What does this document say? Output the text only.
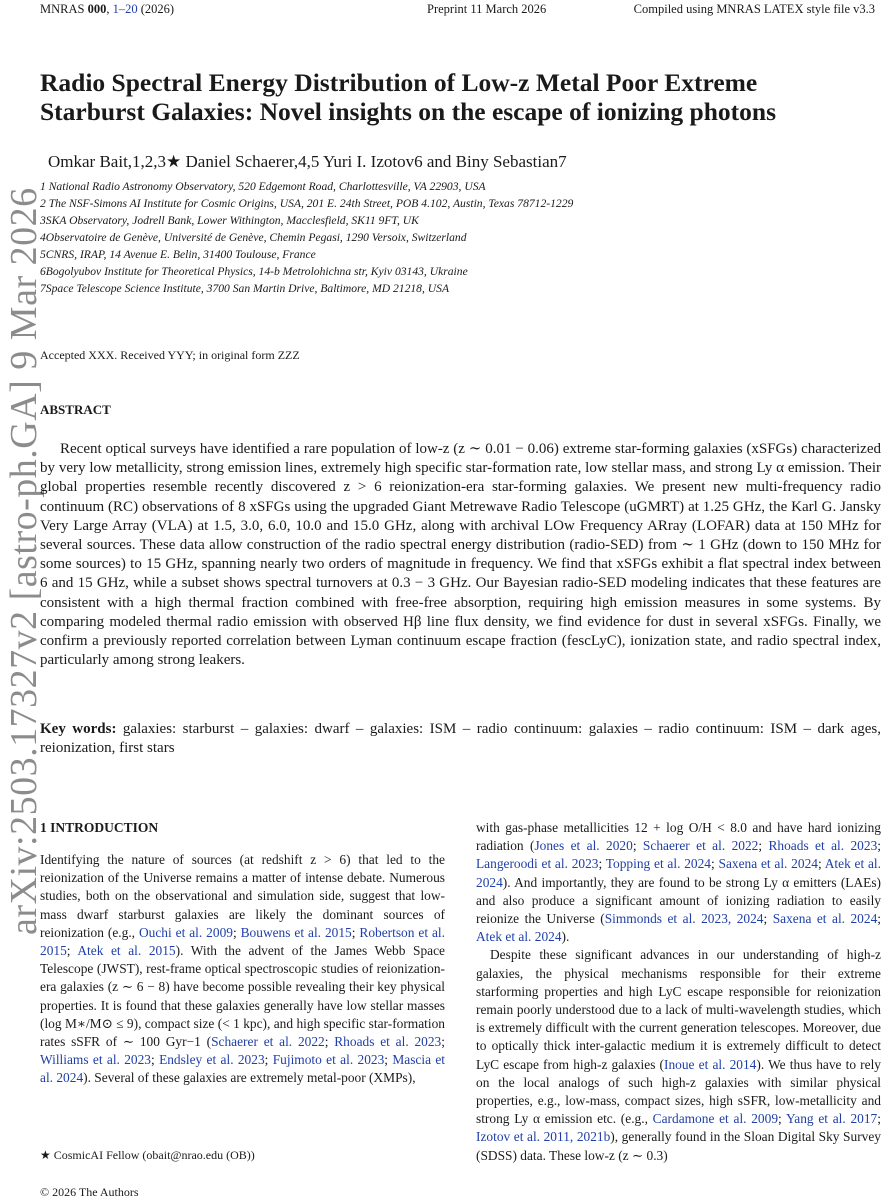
MNRAS 000, 1–20 (2026)	Preprint 11 March 2026	Compiled using MNRAS LATEX style file v3.3
arXiv:2503.17327v2 [astro-ph.GA] 9 Mar 2026
Radio Spectral Energy Distribution of Low-z Metal Poor Extreme
Starburst Galaxies: Novel insights on the escape of ionizing photons
Omkar Bait,1,2,3★ Daniel Schaerer,4,5 Yuri I. Izotov6 and Biny Sebastian7
1 National Radio Astronomy Observatory, 520 Edgemont Road, Charlottesville, VA 22903, USA
2 The NSF-Simons AI Institute for Cosmic Origins, USA, 201 E. 24th Street, POB 4.102, Austin, Texas 78712-1229
3SKA Observatory, Jodrell Bank, Lower Withington, Macclesfield, SK11 9FT, UK
4Observatoire de Genève, Université de Genève, Chemin Pegasi, 1290 Versoix, Switzerland
5CNRS, IRAP, 14 Avenue E. Belin, 31400 Toulouse, France
6Bogolyubov Institute for Theoretical Physics, 14-b Metrolohichna str, Kyiv 03143, Ukraine
7Space Telescope Science Institute, 3700 San Martin Drive, Baltimore, MD 21218, USA
Accepted XXX. Received YYY; in original form ZZZ
ABSTRACT
Recent optical surveys have identified a rare population of low-z (z ∼ 0.01 − 0.06) extreme star-forming galaxies (xSFGs) characterized by very low metallicity, strong emission lines, extremely high specific star-formation rate, low stellar mass, and strong Ly α emission. Their global properties resemble recently discovered z > 6 reionization-era star-forming galaxies. We present new multi-frequency radio continuum (RC) observations of 8 xSFGs using the upgraded Giant Metrewave Radio Telescope (uGMRT) at 1.25 GHz, the Karl G. Jansky Very Large Array (VLA) at 1.5, 3.0, 6.0, 10.0 and 15.0 GHz, along with archival LOw Frequency ARray (LOFAR) data at 150 MHz for several sources. These data allow construction of the radio spectral energy distribution (radio-SED) from ∼ 1 GHz (down to 150 MHz for some sources) to 15 GHz, spanning nearly two orders of magnitude in frequency. We find that xSFGs exhibit a flat spectral index between 6 and 15 GHz, while a subset shows spectral turnovers at 0.3 − 3 GHz. Our Bayesian radio-SED modeling indicates that these features are consistent with a high thermal fraction combined with free-free absorption, requiring high emission measures in some systems. By comparing modeled thermal radio emission with observed Hβ line flux density, we find evidence for dust in several xSFGs. Finally, we confirm a previously reported correlation between Lyman continuum escape fraction (fescLyC), ionization state, and radio spectral index, particularly among strong leakers.
Key words: galaxies: starburst – galaxies: dwarf – galaxies: ISM – radio continuum: galaxies – radio continuum: ISM – dark ages, reionization, first stars
1 INTRODUCTION
Identifying the nature of sources (at redshift z > 6) that led to the reionization of the Universe remains a matter of intense debate. Numerous studies, both on the observational and simulation side, suggest that low-mass dwarf starburst galaxies are likely the dominant sources of reionization (e.g., Ouchi et al. 2009; Bouwens et al. 2015; Robertson et al. 2015; Atek et al. 2015). With the advent of the James Webb Space Telescope (JWST), rest-frame optical spectroscopic studies of reionization-era galaxies (z ∼ 6 − 8) have become possible revealing their key physical properties. It is found that these galaxies generally have low stellar masses (log M∗/M⊙ ≤ 9), compact size (< 1 kpc), and high specific star-formation rates sSFR of ∼ 100 Gyr−1 (Schaerer et al. 2022; Rhoads et al. 2023; Williams et al. 2023; Endsley et al. 2023; Fujimoto et al. 2023; Mascia et al. 2024). Several of these galaxies are extremely metal-poor (XMPs),

with gas-phase metallicities 12 + log O/H < 8.0 and have hard ionizing radiation (Jones et al. 2020; Schaerer et al. 2022; Rhoads et al. 2023; Langeroodi et al. 2023; Topping et al. 2024; Saxena et al. 2024; Atek et al. 2024). And importantly, they are found to be strong Ly α emitters (LAEs) and also produce a significant amount of ionizing radiation to easily reionize the Universe (Simmonds et al. 2023, 2024; Saxena et al. 2024; Atek et al. 2024).

Despite these significant advances in our understanding of high-z galaxies, the physical mechanisms responsible for their extreme starforming properties and high LyC escape responsible for reionization remain poorly understood due to a lack of multi-wavelength studies, which is extremely difficult with the current generation telescopes. Moreover, due to optically thick inter-galactic medium it is extremely difficult to detect LyC escape from high-z galaxies (Inoue et al. 2014). We thus have to rely on the local analogs of such high-z galaxies with similar physical properties, e.g., low-mass, compact sizes, high sSFR, low-metallicity and strong Ly α emission etc. (e.g., Cardamone et al. 2009; Yang et al. 2017; Izotov et al. 2011, 2021b), generally found in the Sloan Digital Sky Survey (SDSS) data. These low-z (z ∼ 0.3)

★ CosmicAI Fellow (obait@nrao.edu (OB))
© 2026 The Authors
